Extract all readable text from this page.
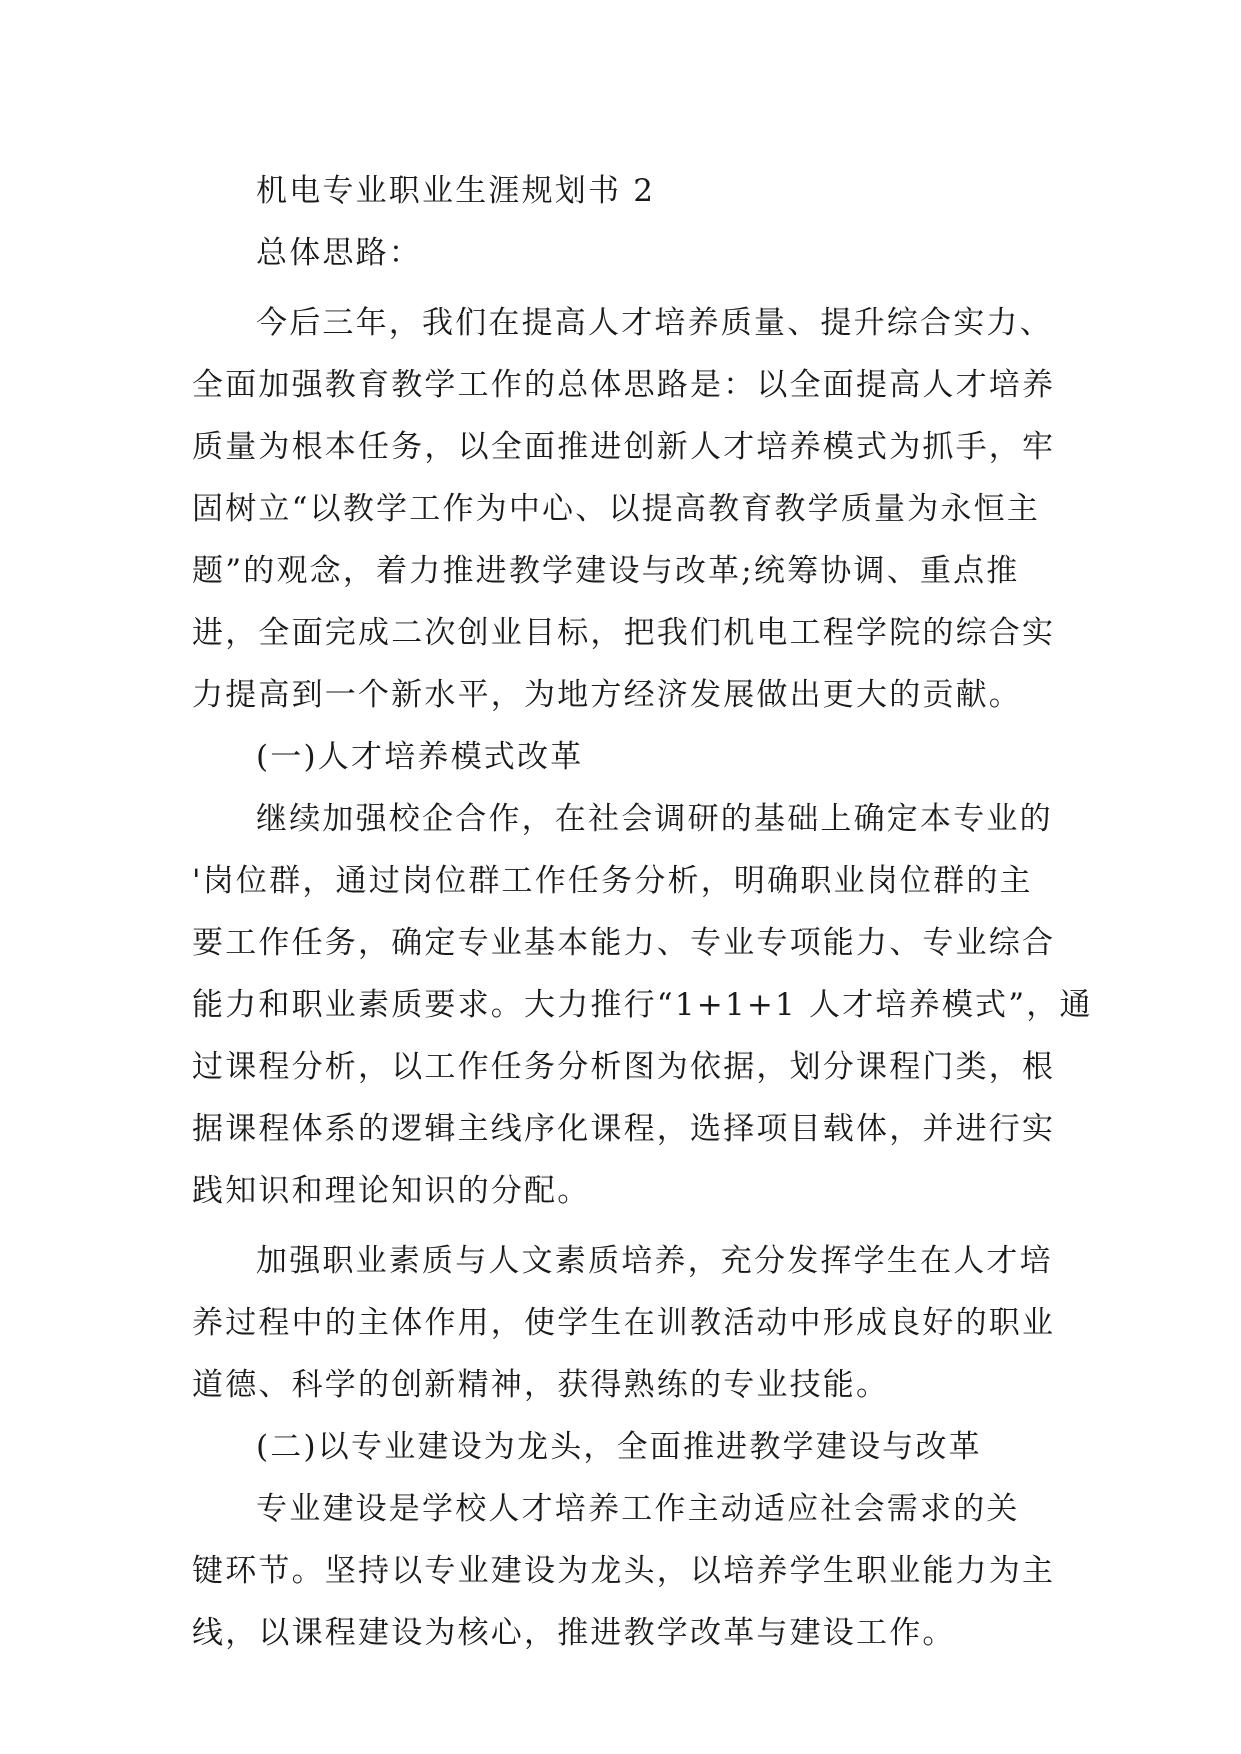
机电专业职业生涯规划书 2
总体思路：
今后三年，我们在提高人才培养质量、提升综合实力、
全面加强教育教学工作的总体思路是：以全面提高人才培养
质量为根本任务，以全面推进创新人才培养模式为抓手，牢
固树立“以教学工作为中心、以提高教育教学质量为永恒主
题”的观念，着力推进教学建设与改革;统筹协调、重点推
进，全面完成二次创业目标，把我们机电工程学院的综合实
力提高到一个新水平，为地方经济发展做出更大的贡献。
(一)人才培养模式改革
继续加强校企合作，在社会调研的基础上确定本专业的
'岗位群，通过岗位群工作任务分析，明确职业岗位群的主
要工作任务，确定专业基本能力、专业专项能力、专业综合
能力和职业素质要求。大力推行“1+1+1 人才培养模式”，通
过课程分析，以工作任务分析图为依据，划分课程门类，根
据课程体系的逻辑主线序化课程，选择项目载体，并进行实
践知识和理论知识的分配。
加强职业素质与人文素质培养，充分发挥学生在人才培
养过程中的主体作用，使学生在训教活动中形成良好的职业
道德、科学的创新精神，获得熟练的专业技能。
(二)以专业建设为龙头，全面推进教学建设与改革
专业建设是学校人才培养工作主动适应社会需求的关
键环节。坚持以专业建设为龙头，以培养学生职业能力为主
线，以课程建设为核心，推进教学改革与建设工作。
